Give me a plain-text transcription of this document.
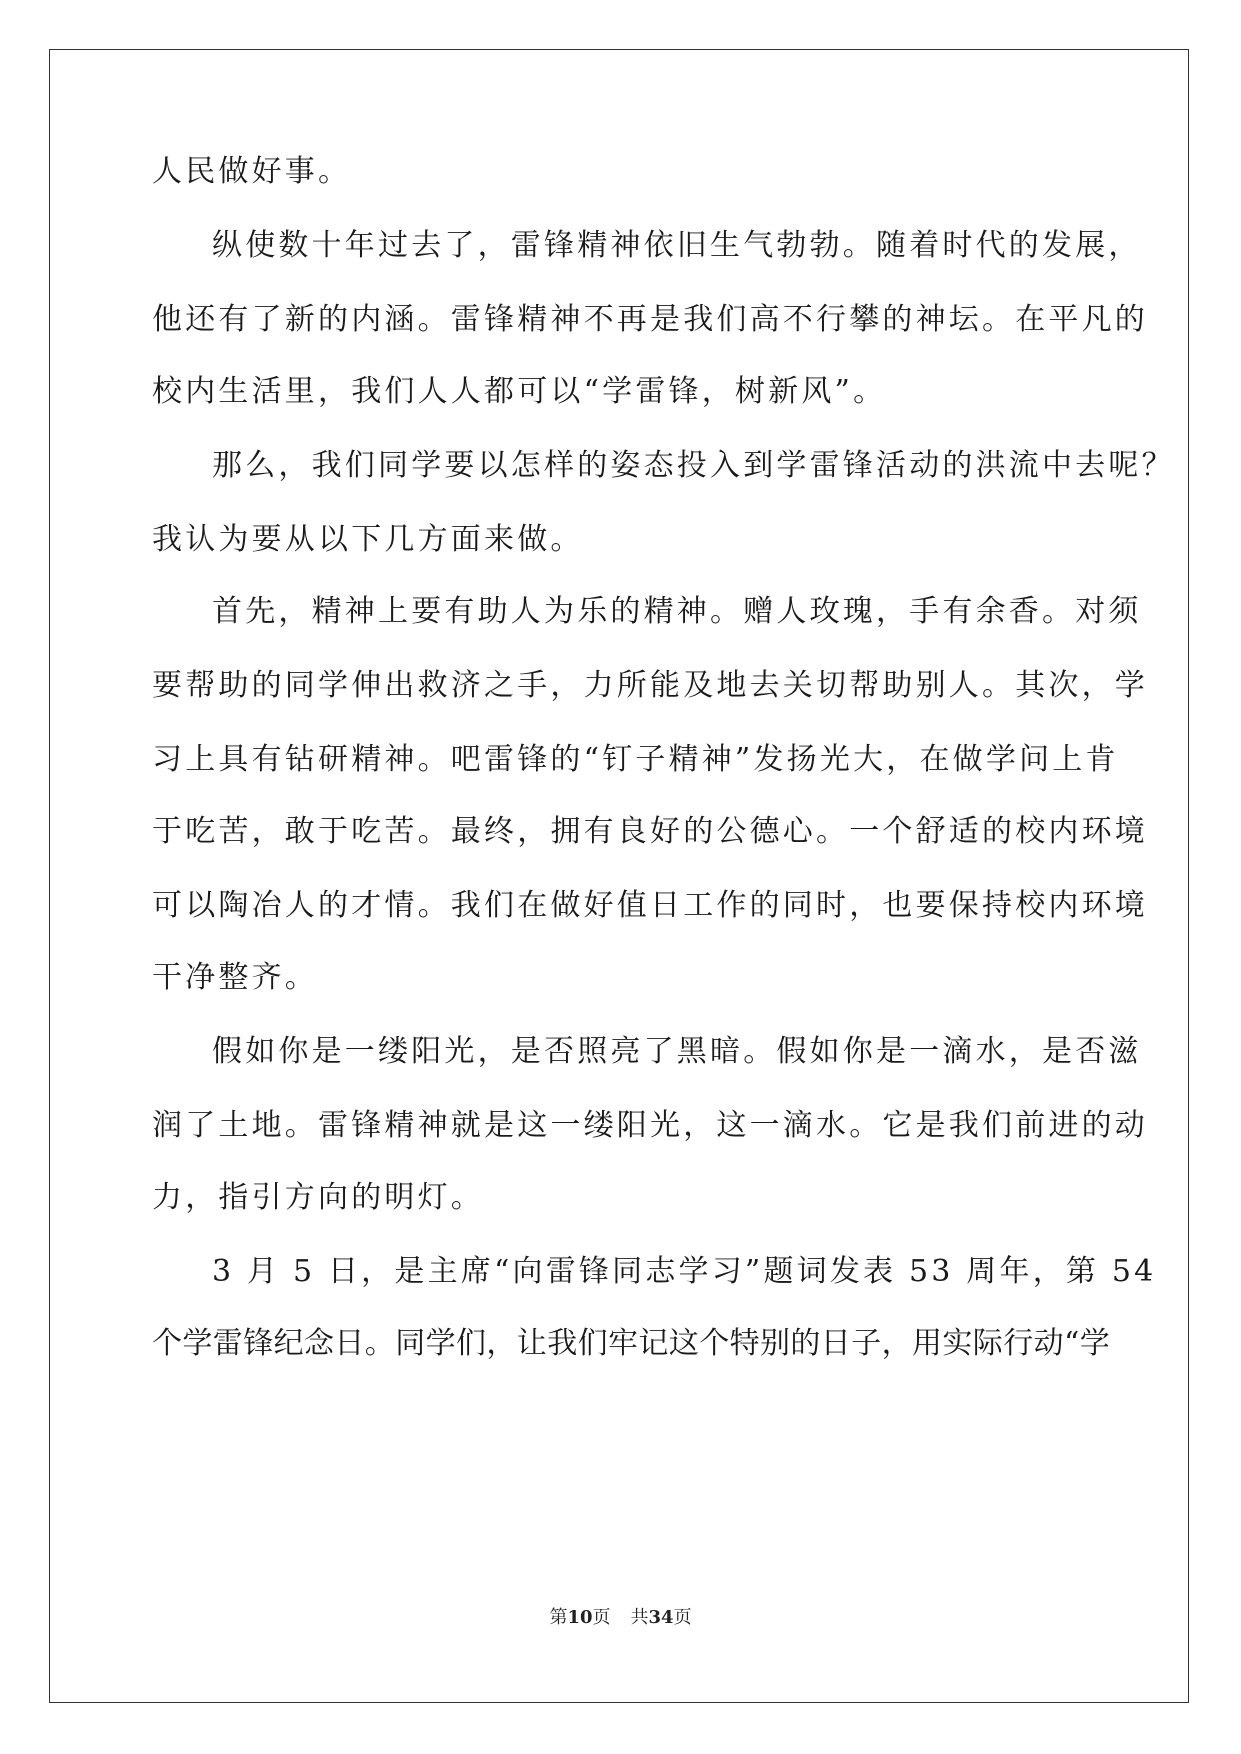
人民做好事。
纵使数十年过去了，雷锋精神依旧生气勃勃。随着时代的发展，
他还有了新的内涵。雷锋精神不再是我们高不行攀的神坛。在平凡的
校内生活里，我们人人都可以“学雷锋，树新风”。
那么，我们同学要以怎样的姿态投入到学雷锋活动的洪流中去呢？
我认为要从以下几方面来做。
首先，精神上要有助人为乐的精神。赠人玫瑰，手有余香。对须
要帮助的同学伸出救济之手，力所能及地去关切帮助别人。其次，学
习上具有钻研精神。吧雷锋的“钉子精神”发扬光大，在做学问上肯
于吃苦，敢于吃苦。最终，拥有良好的公德心。一个舒适的校内环境
可以陶冶人的才情。我们在做好值日工作的同时，也要保持校内环境
干净整齐。
假如你是一缕阳光，是否照亮了黑暗。假如你是一滴水，是否滋
润了土地。雷锋精神就是这一缕阳光，这一滴水。它是我们前进的动
力，指引方向的明灯。
3 月 5 日，是主席“向雷锋同志学习”题词发表 53 周年，第 54
个学雷锋纪念日。同学们，让我们牢记这个特别的日子，用实际行动“学
第10页 共34页
